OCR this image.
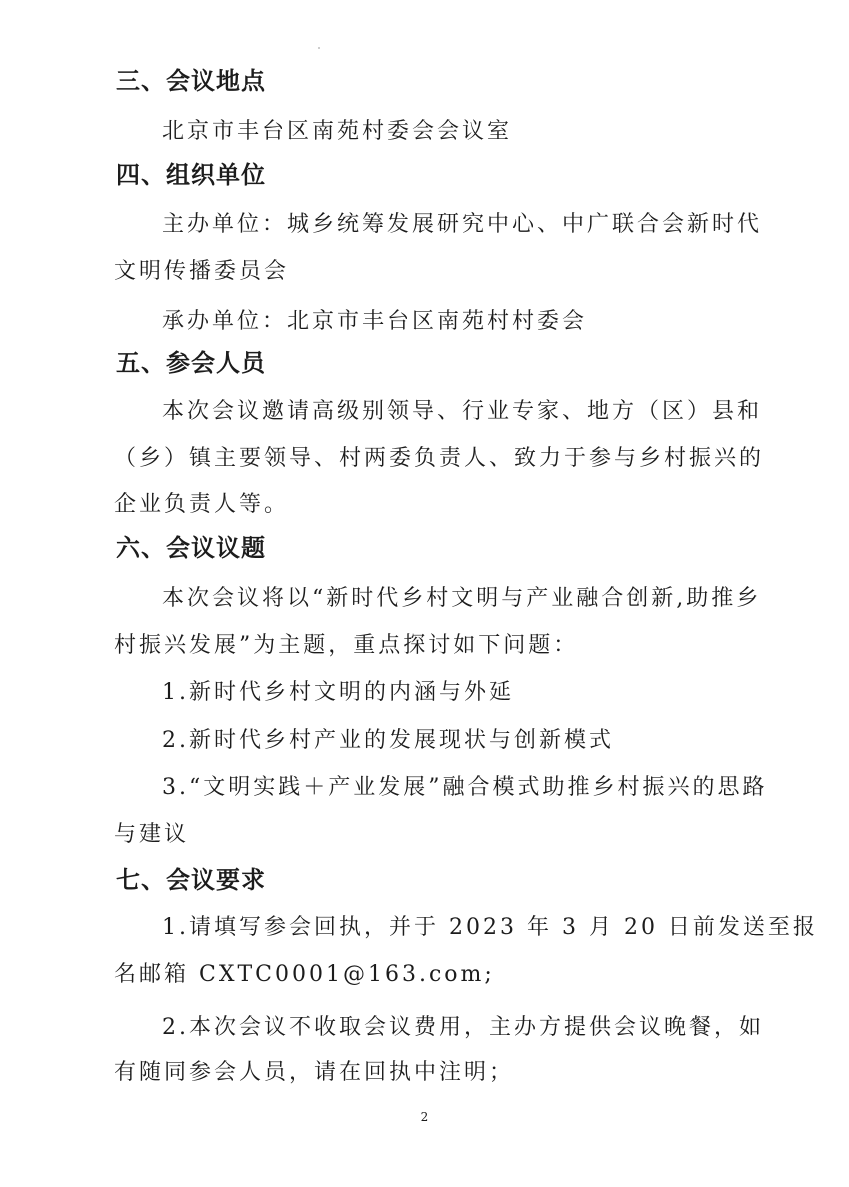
三、会议地点
北京市丰台区南苑村委会会议室
四、组织单位
主办单位：城乡统筹发展研究中心、中广联合会新时代
文明传播委员会
承办单位：北京市丰台区南苑村村委会
五、参会人员
本次会议邀请高级别领导、行业专家、地方（区）县和
（乡）镇主要领导、村两委负责人、致力于参与乡村振兴的
企业负责人等。
六、会议议题
本次会议将以“新时代乡村文明与产业融合创新,助推乡
村振兴发展”为主题，重点探讨如下问题：
1.新时代乡村文明的内涵与外延
2.新时代乡村产业的发展现状与创新模式
3.“文明实践＋产业发展”融合模式助推乡村振兴的思路
与建议
七、会议要求
1.请填写参会回执，并于 2023 年 3 月 20 日前发送至报
名邮箱 CXTC0001@163.com;
2.本次会议不收取会议费用，主办方提供会议晚餐，如
有随同参会人员，请在回执中注明；
2
